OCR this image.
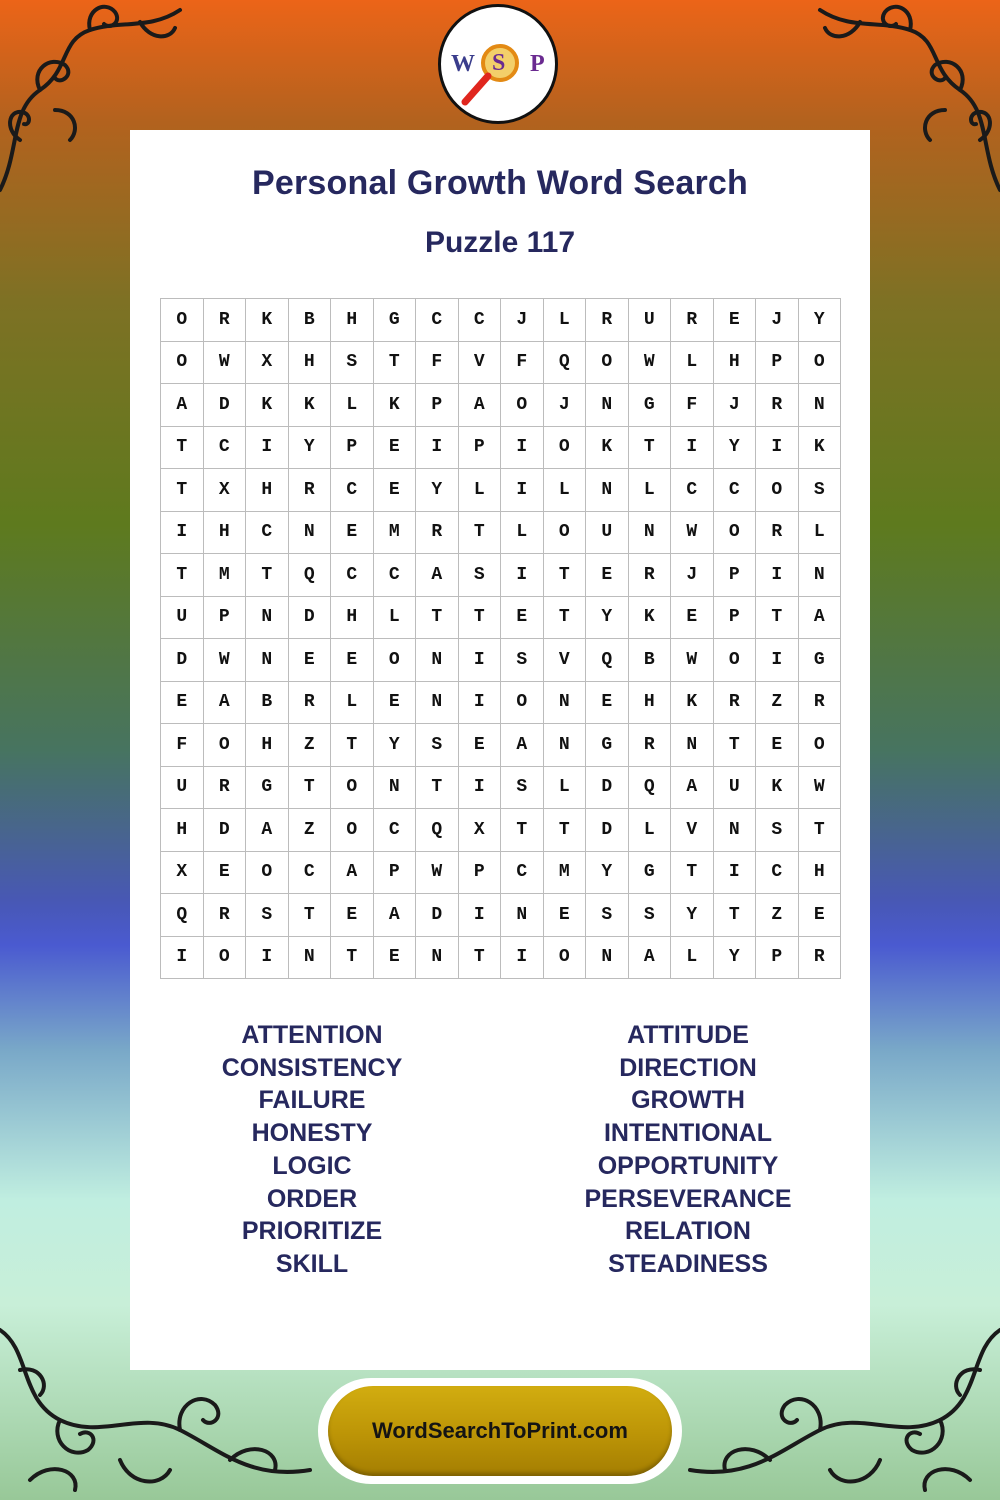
W S P
Personal Growth Word Search
Puzzle 117
O	R	K	B	H	G	C	C	J	L	R	U	R	E	J	Y
O	W	X	H	S	T	F	V	F	Q	O	W	L	H	P	O
A	D	K	K	L	K	P	A	O	J	N	G	F	J	R	N
T	C	I	Y	P	E	I	P	I	O	K	T	I	Y	I	K
T	X	H	R	C	E	Y	L	I	L	N	L	C	C	O	S
I	H	C	N	E	M	R	T	L	O	U	N	W	O	R	L
T	M	T	Q	C	C	A	S	I	T	E	R	J	P	I	N
U	P	N	D	H	L	T	T	E	T	Y	K	E	P	T	A
D	W	N	E	E	O	N	I	S	V	Q	B	W	O	I	G
E	A	B	R	L	E	N	I	O	N	E	H	K	R	Z	R
F	O	H	Z	T	Y	S	E	A	N	G	R	N	T	E	O
U	R	G	T	O	N	T	I	S	L	D	Q	A	U	K	W
H	D	A	Z	O	C	Q	X	T	T	D	L	V	N	S	T
X	E	O	C	A	P	W	P	C	M	Y	G	T	I	C	H
Q	R	S	T	E	A	D	I	N	E	S	S	Y	T	Z	E
I	O	I	N	T	E	N	T	I	O	N	A	L	Y	P	R
ATTENTION
CONSISTENCY
FAILURE
HONESTY
LOGIC
ORDER
PRIORITIZE
SKILL
ATTITUDE
DIRECTION
GROWTH
INTENTIONAL
OPPORTUNITY
PERSEVERANCE
RELATION
STEADINESS
WordSearchToPrint.com
